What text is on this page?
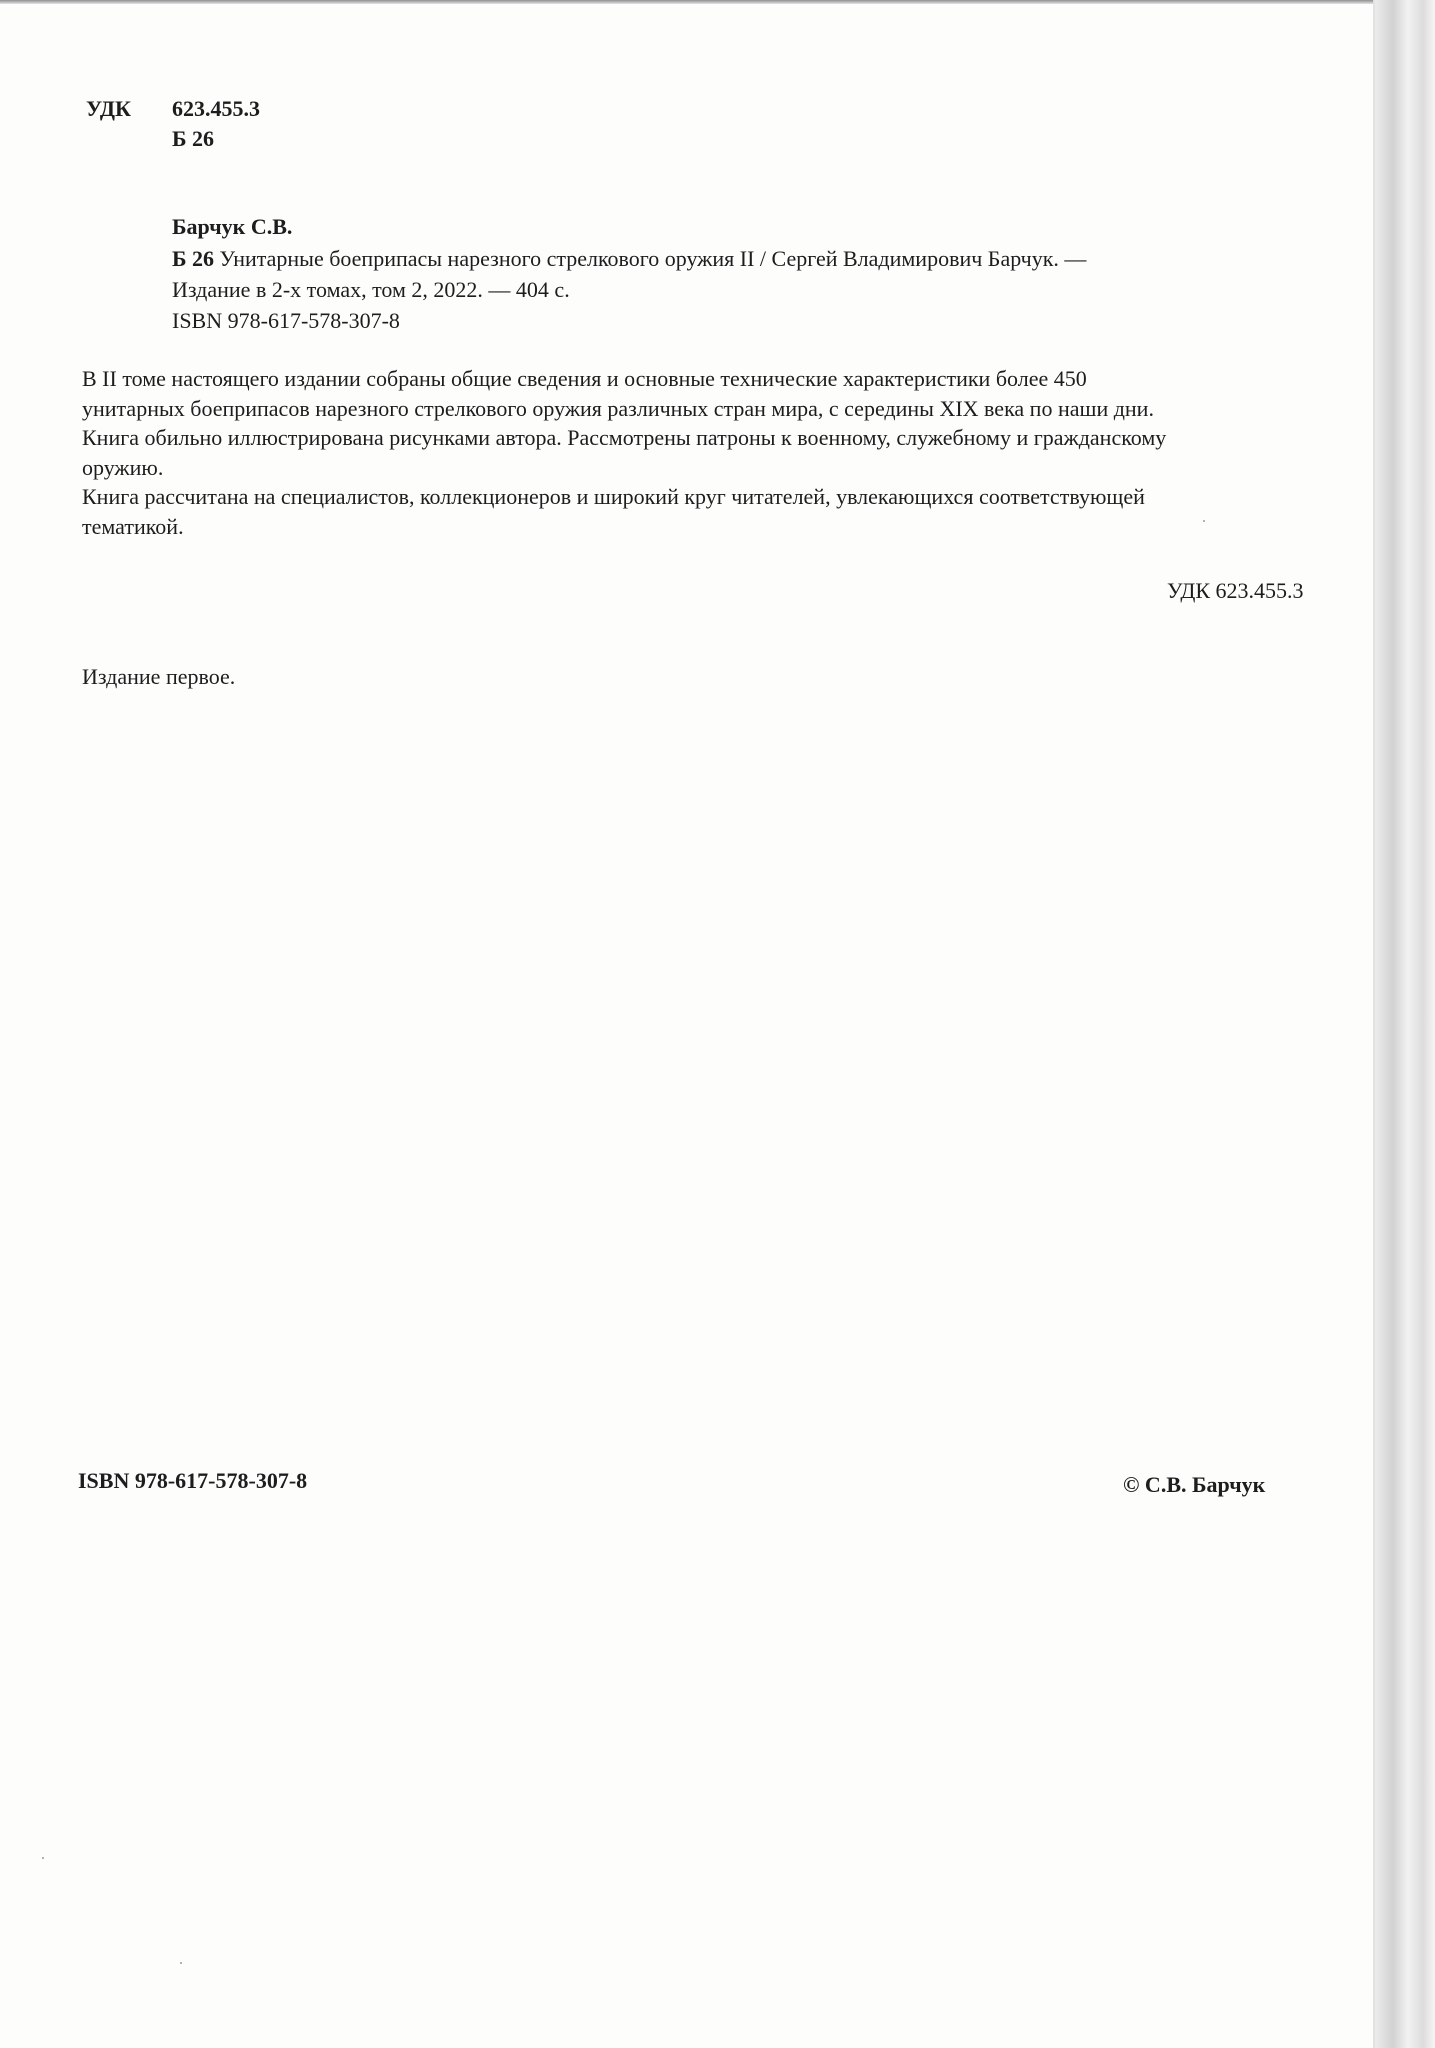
УДК 623.455.3
Б 26
Барчук С.В.
Б 26 Унитарные боеприпасы нарезного стрелкового оружия II / Сергей Владимирович Барчук. —
Издание в 2-х томах, том 2, 2022. — 404 с.
ISBN 978-617-578-307-8
В II томе настоящего издании собраны общие сведения и основные технические характеристики более 450
унитарных боеприпасов нарезного стрелкового оружия различных стран мира, с середины XIX века по наши дни.
Книга обильно иллюстрирована рисунками автора. Рассмотрены патроны к военному, служебному и гражданскому
оружию.
Книга рассчитана на специалистов, коллекционеров и широкий круг читателей, увлекающихся соответствующей
тематикой.
УДК 623.455.3
Издание первое.
ISBN 978-617-578-307-8	© С.В. Барчук
